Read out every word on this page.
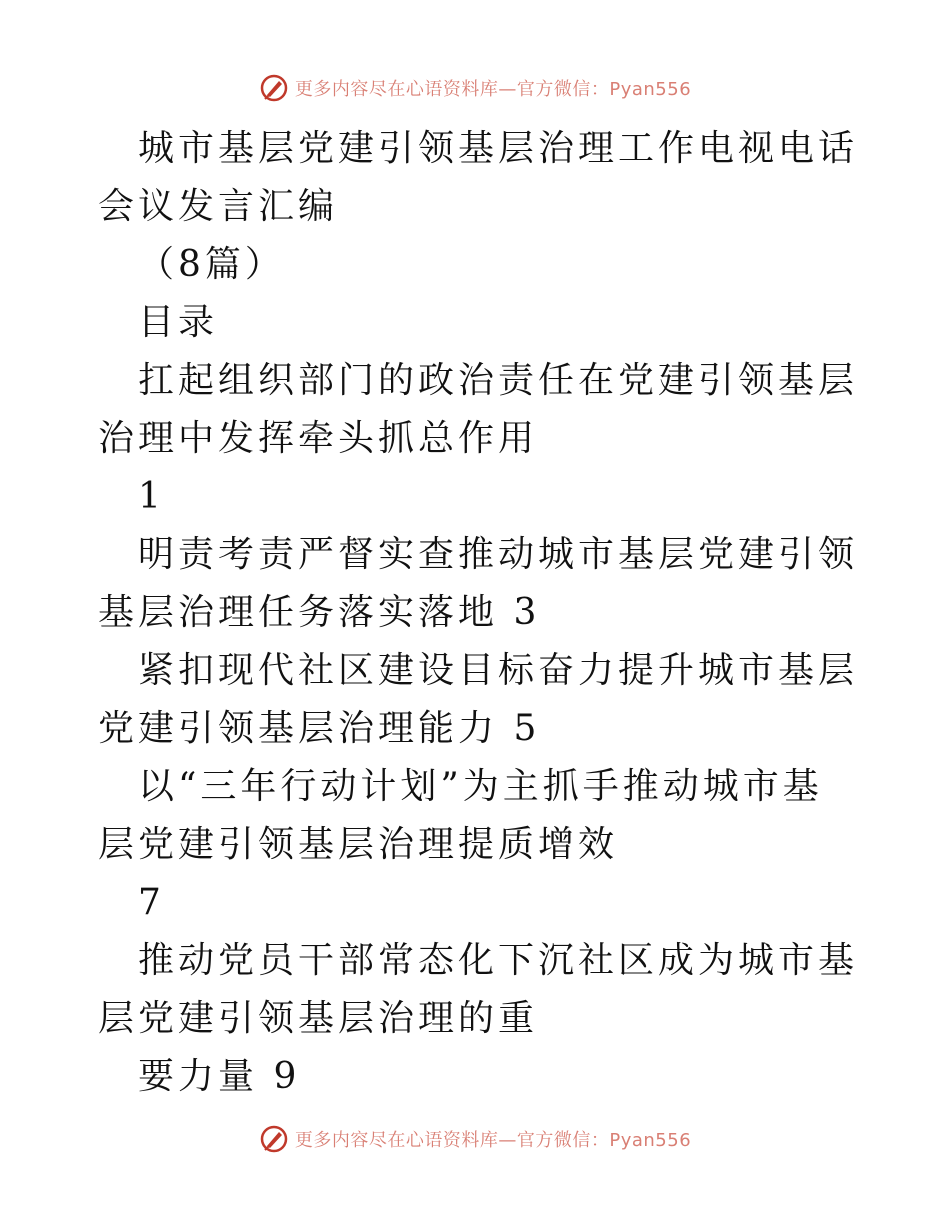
更多内容尽在心语资料库—官方微信：Pyan556

城市基层党建引领基层治理工作电视电话会议发言汇编

（8篇）

目录

扛起组织部门的政治责任在党建引领基层治理中发挥牵头抓总作用

1

明责考责严督实查推动城市基层党建引领基层治理任务落实落地 3

紧扣现代社区建设目标奋力提升城市基层党建引领基层治理能力 5

以“三年行动计划”为主抓手推动城市基层党建引领基层治理提质增效

7

推动党员干部常态化下沉社区成为城市基层党建引领基层治理的重

要力量 9

更多内容尽在心语资料库—官方微信：Pyan556
